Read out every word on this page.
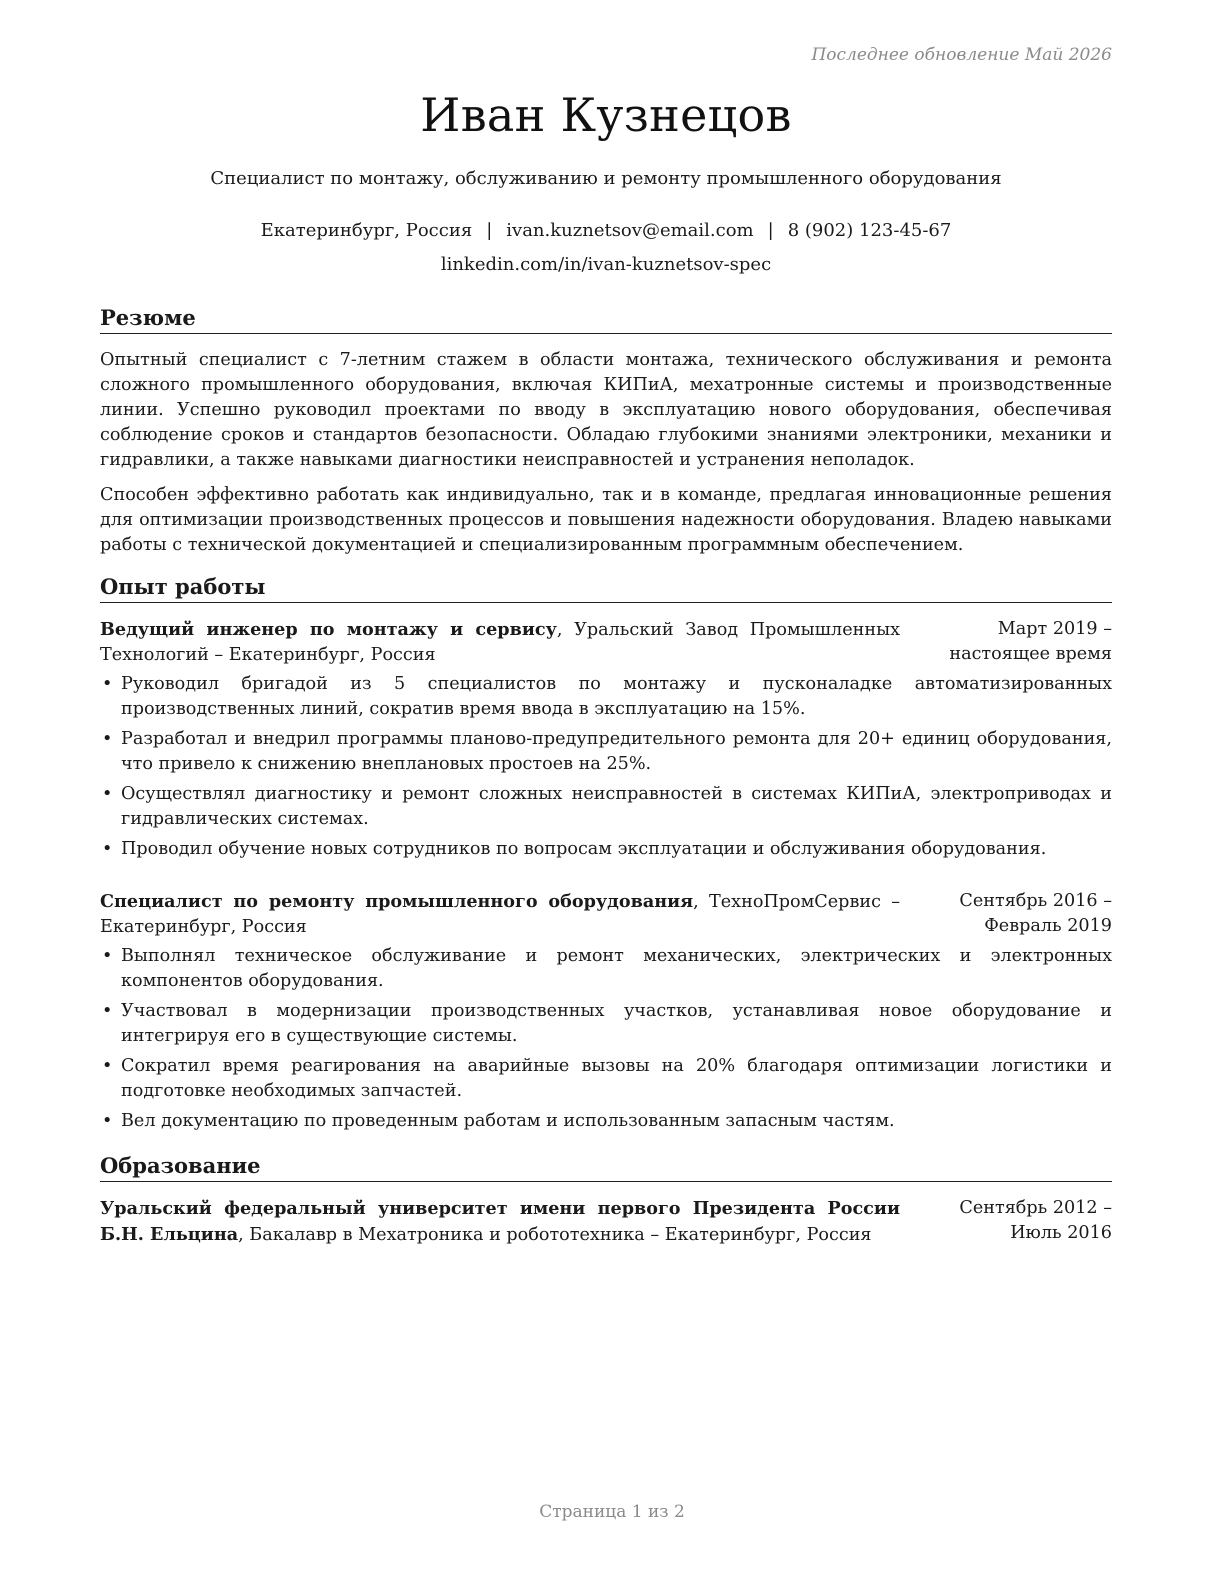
Последнее обновление Май 2026
Иван Кузнецов
Специалист по монтажу, обслуживанию и ремонту промышленного оборудования
Екатеринбург, Россия | ivan.kuznetsov@email.com | 8 (902) 123-45-67
linkedin.com/in/ivan-kuznetsov-spec
Резюме
Опытный специалист с 7-летним стажем в области монтажа, технического обслуживания и ремонта сложного промышленного оборудования, включая КИПиА, мехатронные системы и производственные линии. Успешно руководил проектами по вводу в эксплуатацию нового оборудования, обеспечивая соблюдение сроков и стандартов безопасности. Обладаю глубокими знаниями электроники, механики и гидравлики, а также навыками диагностики неисправностей и устранения неполадок.
Способен эффективно работать как индивидуально, так и в команде, предлагая инновационные решения для оптимизации производственных процессов и повышения надежности оборудования. Владею навыками работы с технической документацией и специализированным программным обеспечением.
Опыт работы
Ведущий инженер по монтажу и сервису, Уральский Завод Промышленных Технологий – Екатеринбург, Россия
Март 2019 – настоящее время
• Руководил бригадой из 5 специалистов по монтажу и пусконаладке автоматизированных производственных линий, сократив время ввода в эксплуатацию на 15%.
• Разработал и внедрил программы планово-предупредительного ремонта для 20+ единиц оборудования, что привело к снижению внеплановых простоев на 25%.
• Осуществлял диагностику и ремонт сложных неисправностей в системах КИПиА, электроприводах и гидравлических системах.
• Проводил обучение новых сотрудников по вопросам эксплуатации и обслуживания оборудования.
Специалист по ремонту промышленного оборудования, ТехноПромСервис – Екатеринбург, Россия
Сентябрь 2016 – Февраль 2019
• Выполнял техническое обслуживание и ремонт механических, электрических и электронных компонентов оборудования.
• Участвовал в модернизации производственных участков, устанавливая новое оборудование и интегрируя его в существующие системы.
• Сократил время реагирования на аварийные вызовы на 20% благодаря оптимизации логистики и подготовке необходимых запчастей.
• Вел документацию по проведенным работам и использованным запасным частям.
Образование
Уральский федеральный университет имени первого Президента России Б.Н. Ельцина, Бакалавр в Мехатроника и робототехника – Екатеринбург, Россия
Сентябрь 2012 – Июль 2016
Страница 1 из 2
